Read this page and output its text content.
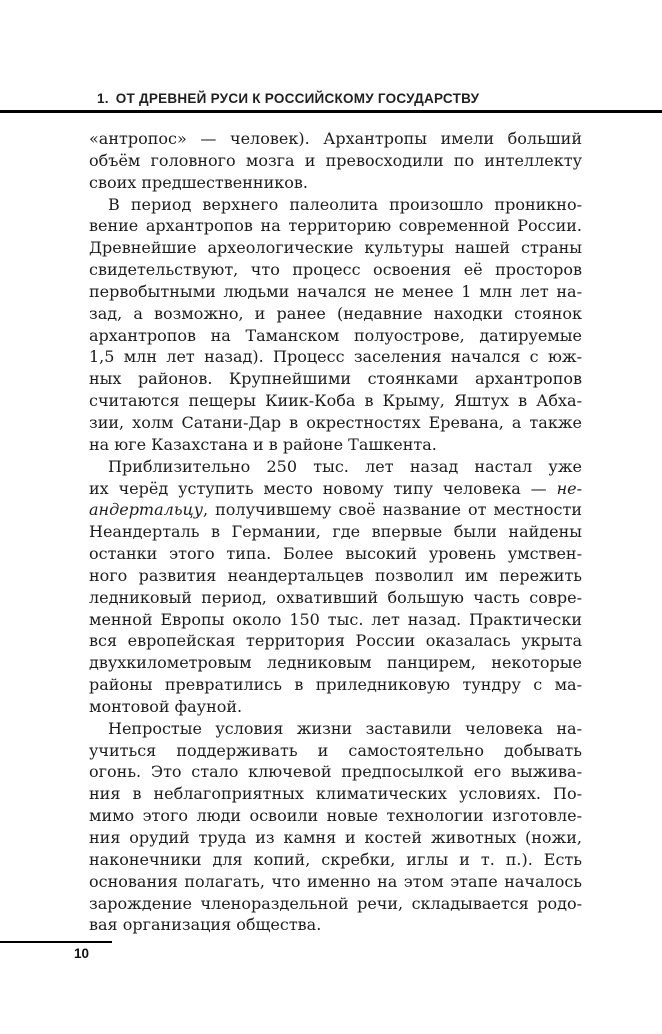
1. ОТ ДРЕВНЕЙ РУСИ К РОССИЙСКОМУ ГОСУДАРСТВУ
«антропос» — человек). Архантропы имели больший
объём головного мозга и превосходили по интеллекту
своих предшественников.
В период верхнего палеолита произошло проникно-
вение архантропов на территорию современной России.
Древнейшие археологические культуры нашей страны
свидетельствуют, что процесс освоения её просторов
первобытными людьми начался не менее 1 млн лет на-
зад, а возможно, и ранее (недавние находки стоянок
архантропов на Таманском полуострове, датируемые
1,5 млн лет назад). Процесс заселения начался с юж-
ных районов. Крупнейшими стоянками архантропов
считаются пещеры Киик-Коба в Крыму, Яштух в Абха-
зии, холм Сатани-Дар в окрестностях Еревана, а также
на юге Казахстана и в районе Ташкента.
Приблизительно 250 тыс. лет назад настал уже
их черёд уступить место новому типу человека — не-
андертальцу, получившему своё название от местности
Неандерталь в Германии, где впервые были найдены
останки этого типа. Более высокий уровень умствен-
ного развития неандертальцев позволил им пережить
ледниковый период, охвативший большую часть совре-
менной Европы около 150 тыс. лет назад. Практически
вся европейская территория России оказалась укрыта
двухкилометровым ледниковым панцирем, некоторые
районы превратились в приледниковую тундру с ма-
монтовой фауной.
Непростые условия жизни заставили человека на-
учиться поддерживать и самостоятельно добывать
огонь. Это стало ключевой предпосылкой его выжива-
ния в неблагоприятных климатических условиях. По-
мимо этого люди освоили новые технологии изготовле-
ния орудий труда из камня и костей животных (ножи,
наконечники для копий, скребки, иглы и т. п.). Есть
основания полагать, что именно на этом этапе началось
зарождение членораздельной речи, складывается родо-
вая организация общества.
10
